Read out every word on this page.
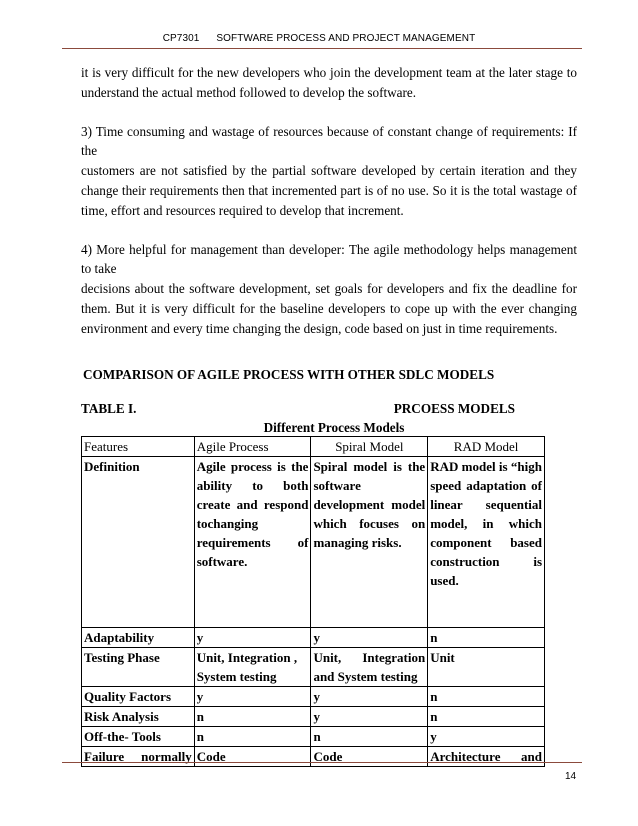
CP7301 SOFTWARE PROCESS AND PROJECT MANAGEMENT

it is very difficult for the new developers who join the development team at the later stage to understand the actual method followed to develop the software.

3) Time consuming and wastage of resources because of constant change of requirements: If the

customers are not satisfied by the partial software developed by certain iteration and they change their requirements then that incremented part is of no use. So it is the total wastage of time, effort and resources required to develop that increment.

4) More helpful for management than developer: The agile methodology helps management to take

decisions about the software development, set goals for developers and fix the deadline for them. But it is very difficult for the baseline developers to cope up with the ever changing environment and every time changing the design, code based on just in time requirements.

COMPARISON OF AGILE PROCESS WITH OTHER SDLC MODELS
TABLE I.	PRCOESS MODELS
Different Process Models
Features	Agile Process	Spiral Model	RAD Model
Definition	Agile process is the ability to both create and respond tochanging requirements of software.	Spiral model is the software development model which focuses on managing risks.	RAD model is “high speed adaptation of linear sequential model, in which component based construction is used.
Adaptability	y	y	n
Testing Phase	Unit, Integration , System testing	Unit, Integration and System testing	Unit
Quality Factors	y	y	n
Risk Analysis	n	y	n
Off-the- Tools	n	n	y
Failure normally	Code	Code	Architecture and
14
